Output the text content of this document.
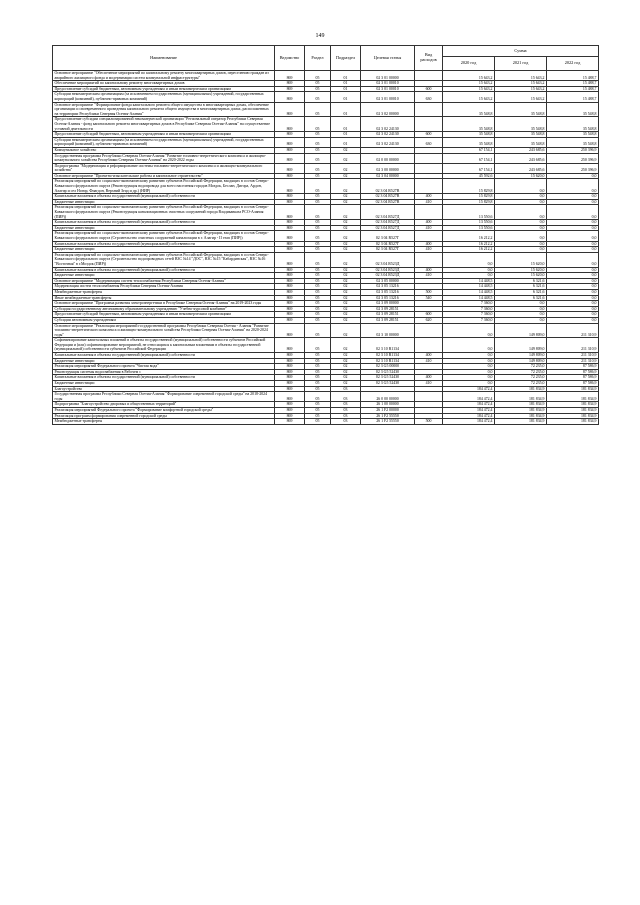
149
Наименование	Ведомство	Раздел	Подраздел	Целевая статья	Вид расходов	Сумма		
						2020 год	2021 год	2022 год
Основное мероприятие "Обеспечение мероприятий по капитальному ремонту многоквартирных домов, переселению граждан из аварийного жилищного фонда и модернизации систем коммунальной инфраструктуры"	869	05	01	02 3 01 00000		15 643,2	15 643,2	15 488,7
Обеспечение мероприятий по капитальному ремонту многоквартирных домов	869	05	01	02 3 01 00010		15 643,2	15 643,2	15 488,7
Предоставление субсидий бюджетным, автономным учреждениям и иным некоммерческим организациям	869	05	01	02 3 01 00010	600	15 643,2	15 643,2	15 488,7
Субсидии некоммерческим организациям (за исключением государственных (муниципальных) учреждений, государственных корпораций (компаний), публично-правовых компаний)	869	05	01	02 3 01 00010	630	15 643,2	15 643,2	15 488,7
Основное мероприятие "Формирование фонда капитального ремонта общего имущества в многоквартирных домах, обеспечение организации и своевременного проведения капитального ремонта общего имущества в многоквартирных домах, расположенных на территории Республики Северная Осетия-Алания"	869	05	01	02 3 02 00000		35 548,8	35 548,8	35 548,8
Предоставление субсидии специализированной некоммерческой организации "Региональный оператор Республики Северная Осетия-Алания - фонд капитального ремонта многоквартирных домов в Республике Северная Осетия-Алания" на осуществление уставной деятельности	869	05	01	02 3 02 24130		35 548,8	35 548,8	35 548,8
Предоставление субсидий бюджетным, автономным учреждениям и иным некоммерческим организациям	869	05	01	02 3 02 24130	600	35 548,8	35 548,8	35 548,8
Субсидии некоммерческим организациям (за исключением государственных (муниципальных) учреждений, государственных корпораций (компаний), публично-правовых компаний)	869	05	01	02 3 02 24130	630	35 548,8	35 548,8	35 548,8
Коммунальное хозяйство	869	05	02			67 154,1	243 685,6	250 396,9
Государственная программа Республики Северная Осетия-Алания "Развитие топливно-энергетического комплекса и жилищно-коммунального хозяйства Республики Северная Осетия-Алания" на 2020-2022 годы	869	05	02	02 0 00 00000		67 154,1	243 685,6	250 396,9
Подпрограмма "Модернизация и реформирование системы топливно-энергетического комплекса и жилищно-коммунального хозяйства"	869	05	02	02 3 00 00000		67 154,1	243 685,6	250 396,9
Основное мероприятие "Проектно-изыскательские работы и капитальное строительство"	869	05	02	02 3 04 00000		45 592,6	15 620,0	0,0
Реализация мероприятий по социально-экономическому развитию субъектов Российской Федерации, входящих в состав Северо-Кавказского федерального округа (Реконструкция водопровода для всего населения городов Моздок, Беслан, Дигора, Ардон, Алагир и сел Ногир, Фиагдон, Верхний Згид и др.) (НИР)	869	05	02	02 3 04 R527В		15 829,8	0,0	0,0
Капитальные вложения в объекты государственной (муниципальной) собственности	869	05	02	02 3 04 R527В	400	15 829,8	0,0	0,0
Бюджетные инвестиции	869	05	02	02 3 04 R527В	410	15 829,8	0,0	0,0
Реализация мероприятий по социально-экономическому развитию субъектов Российской Федерации, входящих в состав Северо-Кавказского федерального округа (Реконструкция канализационных очистных сооружений города Владикавказа РСО-Алания (ПИР))	869	05	02	02 3 04 R527Д		13 550,6	0,0	0,0
Капитальные вложения в объекты государственной (муниципальной) собственности	869	05	02	02 3 04 R527Д	400	13 550,6	0,0	0,0
Бюджетные инвестиции	869	05	02	02 3 04 R527Д	410	13 550,6	0,0	0,0
Реализация мероприятий по социально-экономическому развитию субъектов Российской Федерации, входящих в состав Северо-Кавказского федерального округа (Строительство очистных сооружений канализации в г. Алагир - II этап (ПИР))	869	05	02	02 3 04 R527Г		16 212,2	0,0	0,0
Капитальные вложения в объекты государственной (муниципальной) собственности	869	05	02	02 3 04 R527Г	400	16 212,2	0,0	0,0
Бюджетные инвестиции	869	05	02	02 3 04 R527Г	410	16 212,2	0,0	0,0
Реализация мероприятий по социально-экономическому развитию субъектов Российской Федерации, входящих в состав Северо-Кавказского федерального округа (Строительство водопроводных сетей ВЗС №14 "ДОС", ВЗС №15 "Кабардинская", ВЗС №16 "Восточная" в г.Моздок (ПИР))	869	05	02	02 3 04 R523Д		0,0	15 620,0	0,0
Капитальные вложения в объекты государственной (муниципальной) собственности	869	05	02	02 3 04 R523Д	400	0,0	15 620,0	0,0
Бюджетные инвестиции	869	05	02	02 3 04 R523Д	410	0,0	15 620,0	0,0
Основное мероприятие "Модернизация систем теплоснабжения Республики Северная Осетия-Алания"	869	05	02	02 3 05 00000		14 448,5	6 321,6	0,0
Модернизация систем теплоснабжения Республики Северная Осетия-Алания	869	05	02	02 3 05 13216		14 448,5	6 321,6	0,0
Межбюджетные трансферты	869	05	02	02 3 05 13216	500	14 448,5	6 321,6	0,0
Иные межбюджетные трансферты	869	05	02	02 3 05 13216	540	14 448,5	6 321,6	0,0
Основное мероприятие "Программа развития электроэнергетики в Республике Северная Осетия-Алания" на 2019-2023 годы	869	05	02	02 3 09 00000		7 360,0	0,0	0,0
Субсидия государственному автономному образовательному учреждению "Учебно-курсовой комбинат"	869	05	02	02 3 09 28151		7 360,0	0,0	0,0
Предоставление субсидий бюджетным, автономным учреждениям и иным некоммерческим организациям	869	05	02	02 3 09 28151	600	7 360,0	0,0	0,0
Субсидии автономным учреждениям	869	05	02	02 3 09 28151	620	7 360,0	0,0	0,0
Основное мероприятие "Реализация мероприятий государственной программы Республики Северная Осетия - Алания "Развитие топливно-энергетического комплекса и жилищно-коммунального хозяйства Республики Северная Осетия-Алания" на 2020-2024 годы"	869	05	02	02 3 10 00000		0,0	149 809,0	211 310,9
Софинансирование капитальных вложений в объекты государственной (муниципальной) собственности субъектов Российской Федерации и (или) софинансирование мероприятий, не относящихся к капитальным вложениям в объекты государственной (муниципальной) собственности субъектов Российской Федерации	869	05	02	02 3 10 R1134		0,0	149 809,0	211 310,9
Капитальные вложения в объекты государственной (муниципальной) собственности	869	05	02	02 3 10 R1134	400	0,0	149 809,0	211 310,9
Бюджетные инвестиции	869	05	02	02 3 10 R1134	410	0,0	149 809,0	211 310,9
Реализация мероприятий Федерального проекта "Чистая вода"	869	05	02	02 3 G5 00000		0,0	72 235,0	87 586,9
Реконструкция системы водоснабжения в Рабочем с	869	05	02	02 3 G5 52430		0,0	72 235,0	87 586,9
Капитальные вложения в объекты государственной (муниципальной) собственности	869	05	02	02 3 G5 52430	400	0,0	72 235,0	87 586,9
Бюджетные инвестиции	869	05	02	02 3 G5 52430	410	0,0	72 235,0	87 586,9
Благоустройство	869	05	03			184 472,4	181 834,9	181 834,9
Государственная программа Республики Северная Осетия-Алания "Формирование современной городской среды" на 2018-2024 годы	869	05	03	26 0 00 00000		184 472,4	181 834,9	181 834,9
Подпрограмма "Благоустройство дворовых и общественных территорий"	869	05	03	26 1 00 00000		184 472,4	181 834,9	181 834,9
Реализация мероприятий Федерального проекта "Формирование комфортной городской среды"	869	05	03	26 1 F2 00000		184 472,4	181 834,9	181 834,9
Реализация программ формирования современной городской среды	869	05	03	26 1 F2 55550		184 472,4	181 834,9	181 834,9
Межбюджетные трансферты	869	05	03	26 1 F2 55550	500	184 472,4	181 834,9	181 834,9
